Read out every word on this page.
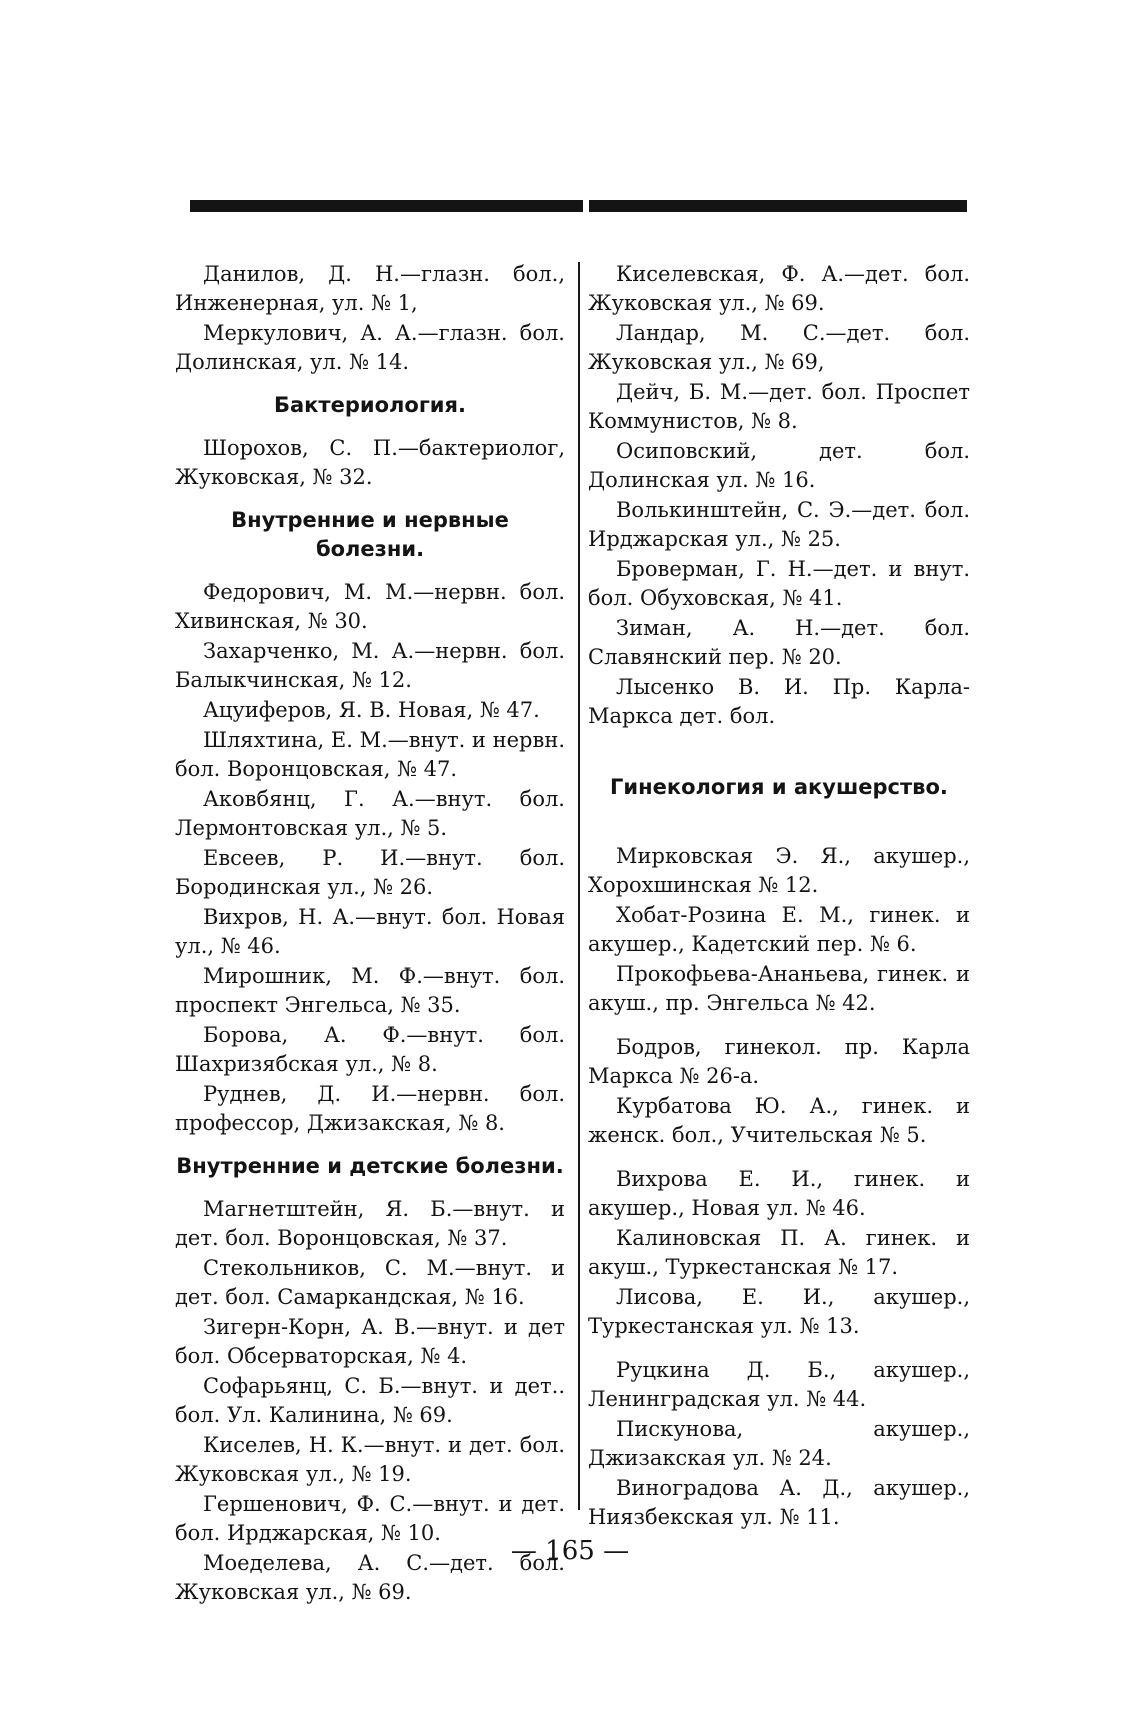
Данилов, Д. Н.—глазн. бол., Инженерная, ул. № 1,
Меркулович, А. А.—глазн. бол. Долинская, ул. № 14.
Бактериология.
Шорохов, С. П.—бактериолог, Жуковская, № 32.
Внутренние и нервные болезни.
Федорович, М. М.—нервн. бол. Хивинская, № 30.
Захарченко, М. А.—нервн. бол. Балыкчинская, № 12.
Ацуиферов, Я. В. Новая, № 47.
Шляхтина, Е. М.—внут. и нервн. бол. Воронцовская, № 47.
Аковбянц, Г. А.—внут. бол. Лермонтовская ул., № 5.
Евсеев, Р. И.—внут. бол. Бородинская ул., № 26.
Вихров, Н. А.—внут. бол. Новая ул., № 46.
Мирошник, М. Ф.—внут. бол. проспект Энгельса, № 35.
Борова, А. Ф.—внут. бол. Шахризябская ул., № 8.
Руднев, Д. И.—нервн. бол. профессор, Джизакская, № 8.
Внутренние и детские болезни.
Магнетштейн, Я. Б.—внут. и дет. бол. Воронцовская, № 37.
Стекольников, С. М.—внут. и дет. бол. Самаркандская, № 16.
Зигерн-Корн, А. В.—внут. и дет бол. Обсерваторская, № 4.
Софарьянц, С. Б.—внут. и дет.. бол. Ул. Калинина, № 69.
Киселев, Н. К.—внут. и дет. бол. Жуковская ул., № 19.
Гершенович, Ф. С.—внут. и дет. бол. Ирджарская, № 10.
Моеделева, А. С.—дет. бол. Жуковская ул., № 69.
Киселевская, Ф. А.—дет. бол. Жуковская ул., № 69.
Ландар, М. С.—дет. бол. Жуковская ул., № 69,
Дейч, Б. М.—дет. бол. Проспет Коммунистов, № 8.
Осиповский, дет. бол. Долинская ул. № 16.
Волькинштейн, С. Э.—дет. бол. Ирджарская ул., № 25.
Броверман, Г. Н.—дет. и внут. бол. Обуховская, № 41.
Зиман, А. Н.—дет. бол. Славянский пер. № 20.
Лысенко В. И. Пр. Карла-Маркса дет. бол.
Гинекология и акушерство.
Мирковская Э. Я., акушер., Хорохшинская № 12.
Хобат-Розина Е. М., гинек. и акушер., Кадетский пер. № 6.
Прокофьева-Ананьева, гинек. и акуш., пр. Энгельса № 42.
Бодров, гинекол. пр. Карла Маркса № 26-а.
Курбатова Ю. А., гинек. и женск. бол., Учительская № 5.
Вихрова Е. И., гинек. и акушер., Новая ул. № 46.
Калиновская П. А. гинек. и акуш., Туркестанская № 17.
Лисова, Е. И., акушер., Туркестанская ул. № 13.
Руцкина Д. Б., акушер., Ленинградская ул. № 44.
Пискунова, акушер., Джизакская ул. № 24.
Виноградова А. Д., акушер., Ниязбекская ул. № 11.
— 165 —
